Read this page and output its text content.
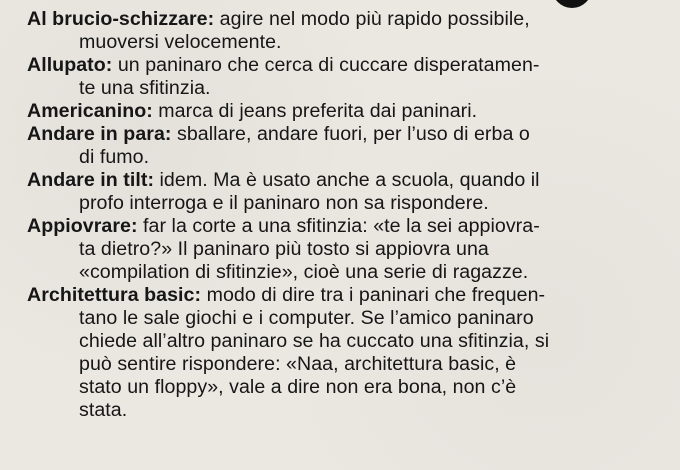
Al brucio-schizzare: agire nel modo più rapido possibile,
muoversi velocemente.
Allupato: un paninaro che cerca di cuccare disperatamen-
te una sfitinzia.
Americanino: marca di jeans preferita dai paninari.
Andare in para: sballare, andare fuori, per l’uso di erba o
di fumo.
Andare in tilt: idem. Ma è usato anche a scuola, quando il
profo interroga e il paninaro non sa rispondere.
Appiovrare: far la corte a una sfitinzia: «te la sei appiovra-
ta dietro?» Il paninaro più tosto si appiovra una
«compilation di sfitinzie», cioè una serie di ragazze.
Architettura basic: modo di dire tra i paninari che frequen-
tano le sale giochi e i computer. Se l’amico paninaro
chiede all’altro paninaro se ha cuccato una sfitinzia, si
può sentire rispondere: «Naa, architettura basic, è
stato un floppy», vale a dire non era bona, non c’è
stata.
